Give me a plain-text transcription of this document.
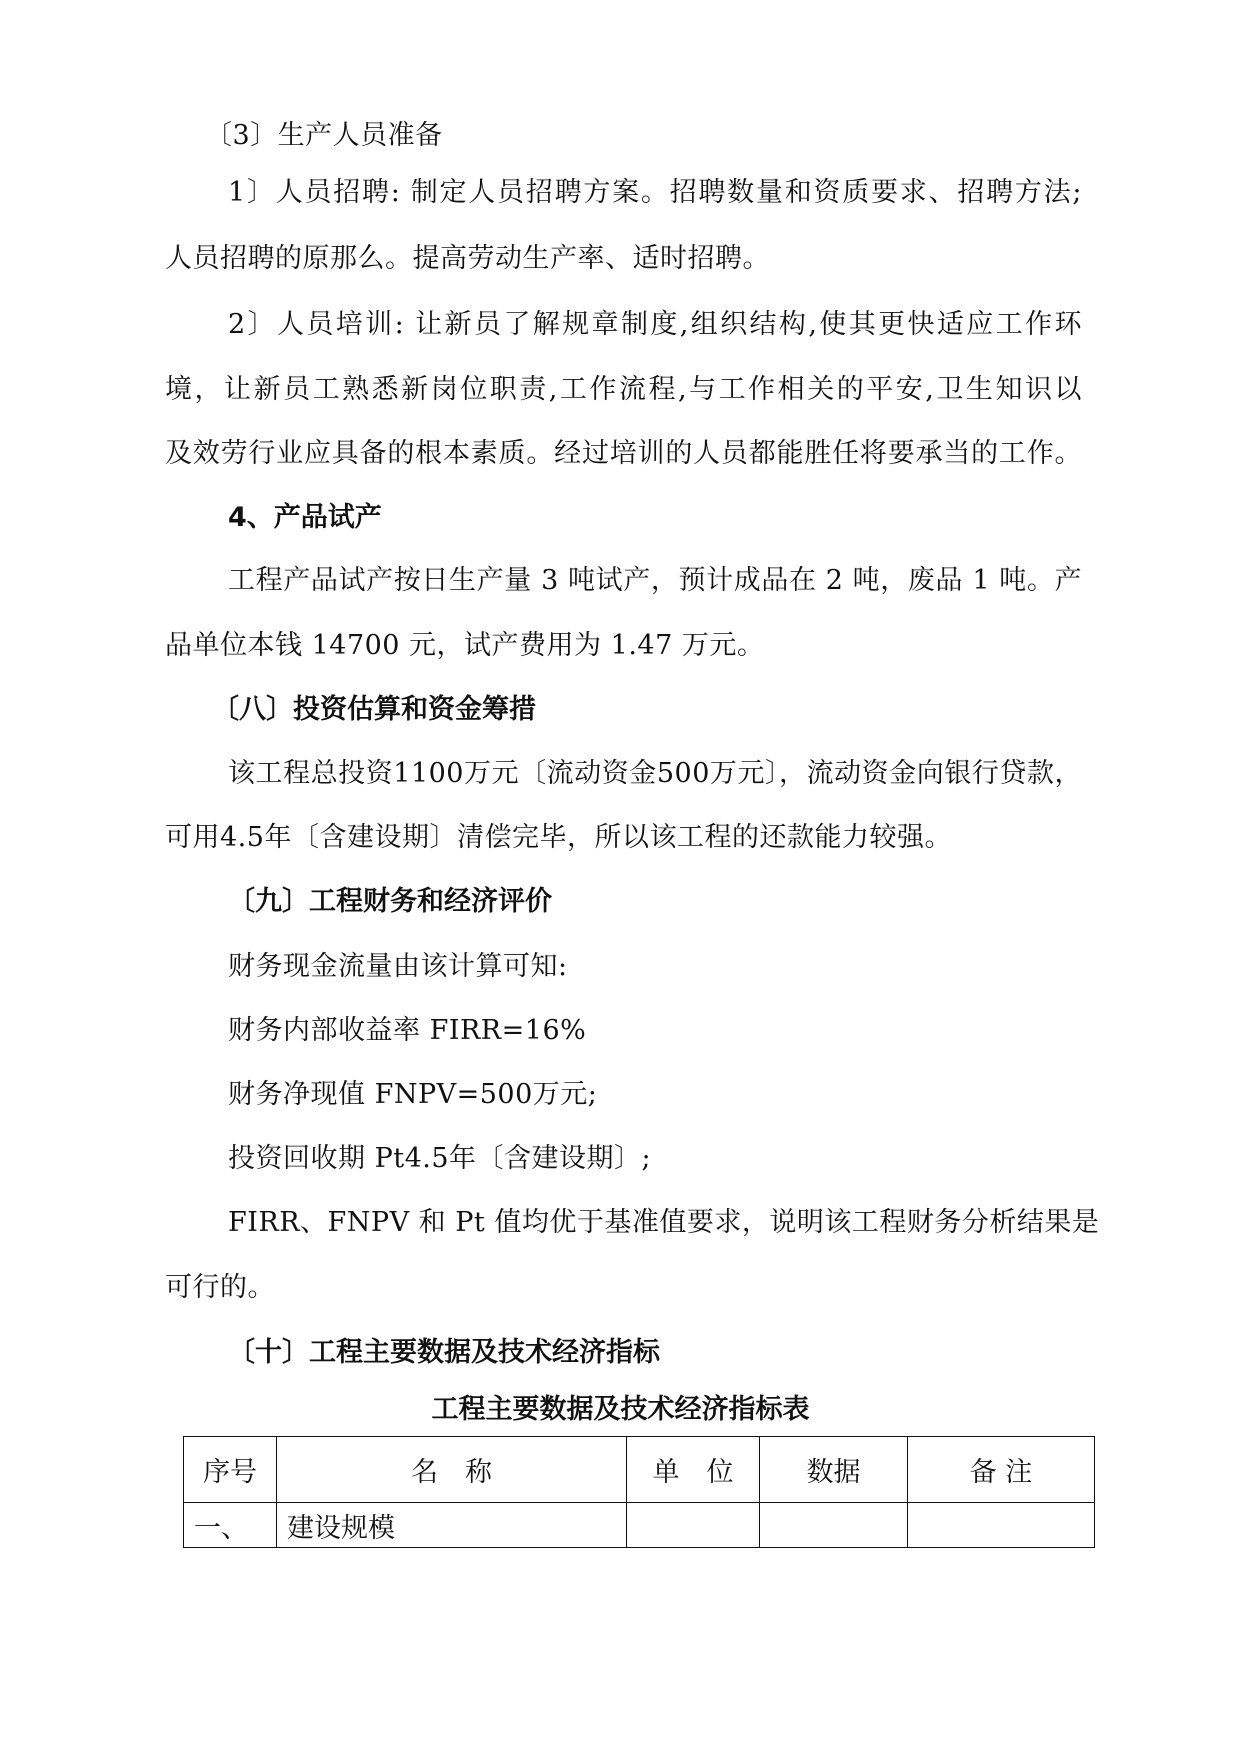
〔3〕生产人员准备

1〕人员招聘: 制定人员招聘方案。招聘数量和资质要求、招聘方法;

人员招聘的原那么。提高劳动生产率、适时招聘。

2〕人员培训: 让新员了解规章制度,组织结构,使其更快适应工作环

境，让新员工熟悉新岗位职责,工作流程,与工作相关的平安,卫生知识以

及效劳行业应具备的根本素质。经过培训的人员都能胜任将要承当的工作。

4、产品试产

工程产品试产按日生产量 3 吨试产，预计成品在 2 吨，废品 1 吨。产

品单位本钱 14700 元，试产费用为 1.47 万元。

〔八〕投资估算和资金筹措

该工程总投资1100万元〔流动资金500万元〕，流动资金向银行贷款，

可用4.5年〔含建设期〕清偿完毕，所以该工程的还款能力较强。

〔九〕工程财务和经济评价

财务现金流量由该计算可知:

财务内部收益率 FIRR=16%

财务净现值 FNPV=500万元;

投资回收期 Pt4.5年〔含建设期〕;

FIRR、FNPV 和 Pt 值均优于基准值要求，说明该工程财务分析结果是

可行的。

〔十〕工程主要数据及技术经济指标

工程主要数据及技术经济指标表

序号	名　称	单　位	数据	备 注
一、	建设规模			
